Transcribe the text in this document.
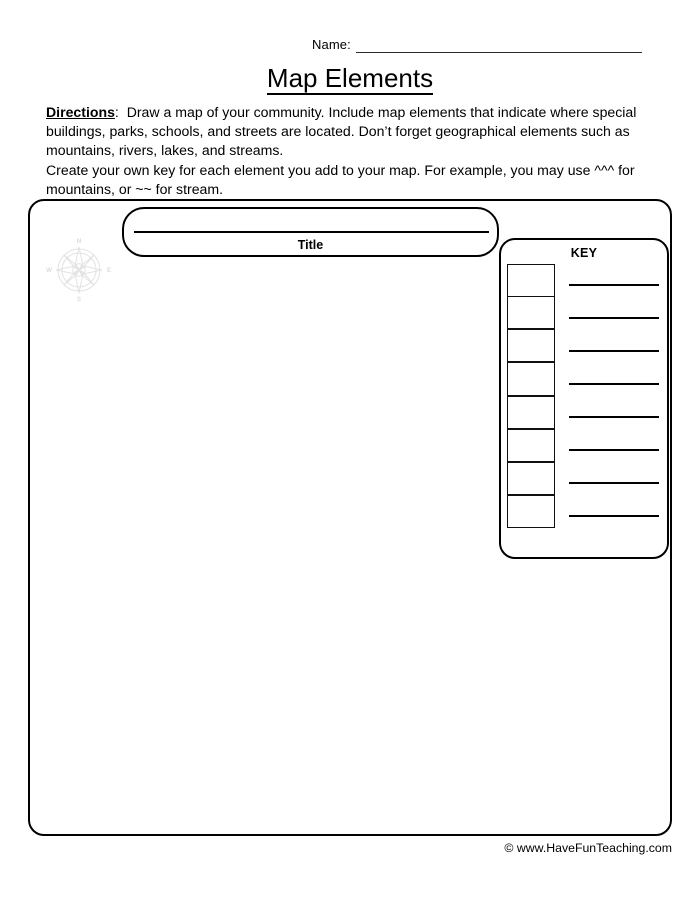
Name:
Map Elements

Directions: Draw a map of your community. Include map elements that indicate where special buildings, parks, schools, and streets are located. Don’t forget geographical elements such as mountains, rivers, lakes, and streams.

Create your own key for each element you add to your map. For example, you may use ^^^ for mountains, or ~~ for stream.

N
S
E
W
Title
KEY
© www.HaveFunTeaching.com
